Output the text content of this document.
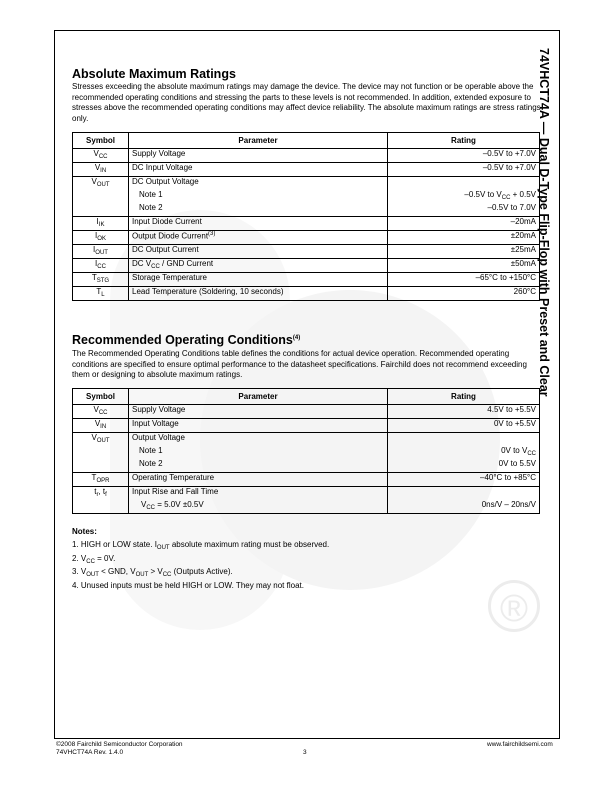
®
74VHCT74A — Dual D-Type Flip-Flop with Preset and Clear
Absolute Maximum Ratings
Stresses exceeding the absolute maximum ratings may damage the device. The device may not function or be operable above the recommended operating conditions and stressing the parts to these levels is not recommended. In addition, extended exposure to stresses above the recommended operating conditions may affect device reliability. The absolute maximum ratings are stress ratings only.
Symbol	Parameter	Rating
$V_{CC}$	Supply Voltage	–0.5V to +7.0V
$V_{IN}$	DC Input Voltage	–0.5V to +7.0V
$V_{OUT}$	DC Output Voltage	
	Note 1	–0.5V to $V_{CC} + 0.5V$
	Note 2	–0.5V to 7.0V
$I_{IK}$	Input Diode Current	–20mA
$I_{OK}$	Output Diode Current$^{(3)}$	±20mA
$I_{OUT}$	DC Output Current	±25mA
$I_{CC}$	DC $V_{CC}$ / GND Current	±50mA
$T_{STG}$	Storage Temperature	–65°C to +150°C
$T_L$	Lead Temperature (Soldering, 10 seconds)	260°C
Recommended Operating Conditions$^{(4)}$
The Recommended Operating Conditions table defines the conditions for actual device operation. Recommended operating conditions are specified to ensure optimal performance to the datasheet specifications. Fairchild does not recommend exceeding them or designing to absolute maximum ratings.
Symbol	Parameter	Rating
$V_{CC}$	Supply Voltage	4.5V to +5.5V
$V_{IN}$	Input Voltage	0V to +5.5V
$V_{OUT}$	Output Voltage	
	Note 1	0V to $V_{CC}$
	Note 2	0V to 5.5V
$T_{OPR}$	Operating Temperature	–40°C to +85°C
$t_r$, $t_f$	Input Rise and Fall Time	
	$V_{CC} = 5.0V \pm 0.5V$	0ns/V – 20ns/V
Notes:
1. HIGH or LOW state. $I_{OUT}$ absolute maximum rating must be observed.
2. $V_{CC} = 0V$.
3. $V_{OUT}$ < GND, $V_{OUT} > V_{CC}$ (Outputs Active).
4. Unused inputs must be held HIGH or LOW. They may not float.
©2008 Fairchild Semiconductor Corporation
74VHCT74A Rev. 1.4.0	3
www.fairchildsemi.com
